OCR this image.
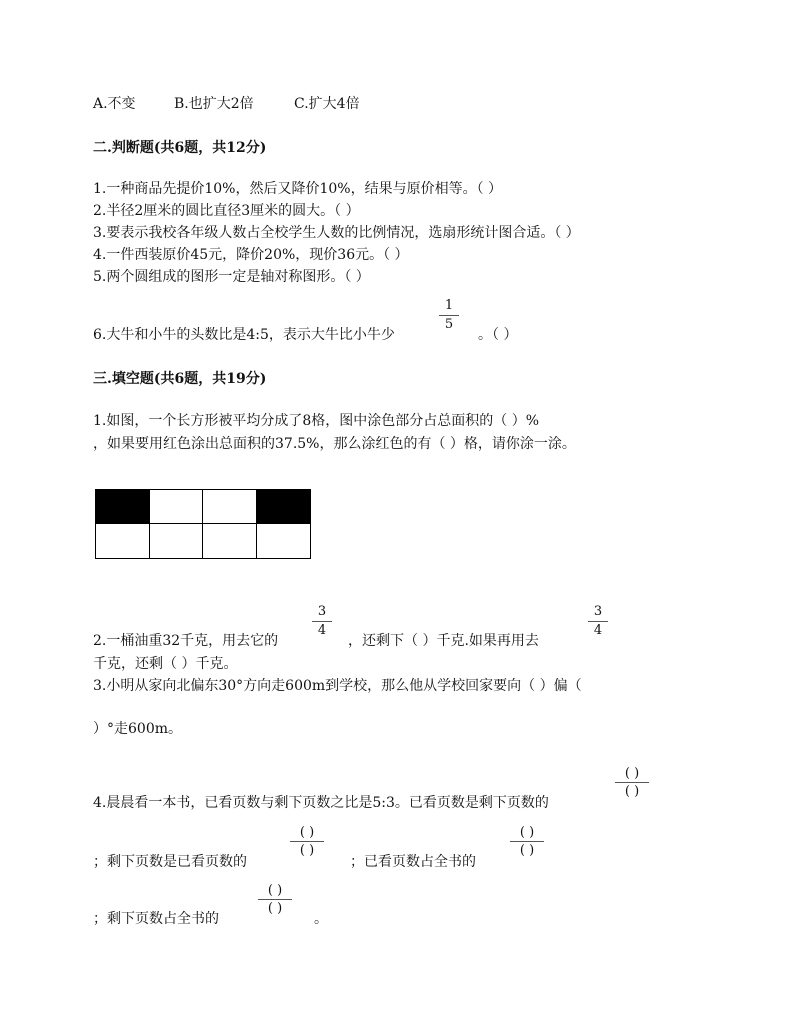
A.不变	B.也扩大2倍	C.扩大4倍
二.判断题(共6题，共12分)
1.一种商品先提价10%，然后又降价10%，结果与原价相等。（ ）
2.半径2厘米的圆比直径3厘米的圆大。（ ）
3.要表示我校各年级人数占全校学生人数的比例情况，选扇形统计图合适。（ ）
4.一件西装原价45元，降价20%，现价36元。（ ）
5.两个圆组成的图形一定是轴对称图形。（ ）
6.大牛和小牛的头数比是4:5，表示大牛比小牛少
1
5
。（ ）
三.填空题(共6题，共19分)
1.如图，一个长方形被平均分成了8格，图中涂色部分占总面积的（ ）%
，如果要用红色涂出总面积的37.5%，那么涂红色的有（ ）格，请你涂一涂。
3
4
2.一桶油重32千克，用去它的	，还剩下（ ）千克.如果再用去
3
4
千克，还剩（ ）千克。
3.小明从家向北偏东30°方向走600m到学校，那么他从学校回家要向（ ）偏（
）°走600m。
( )
( )
4.晨晨看一本书，已看页数与剩下页数之比是5:3。已看页数是剩下页数的
( )
( )
；剩下页数是已看页数的	；已看页数占全书的
( )
( )
( )
( )
；剩下页数占全书的	。
